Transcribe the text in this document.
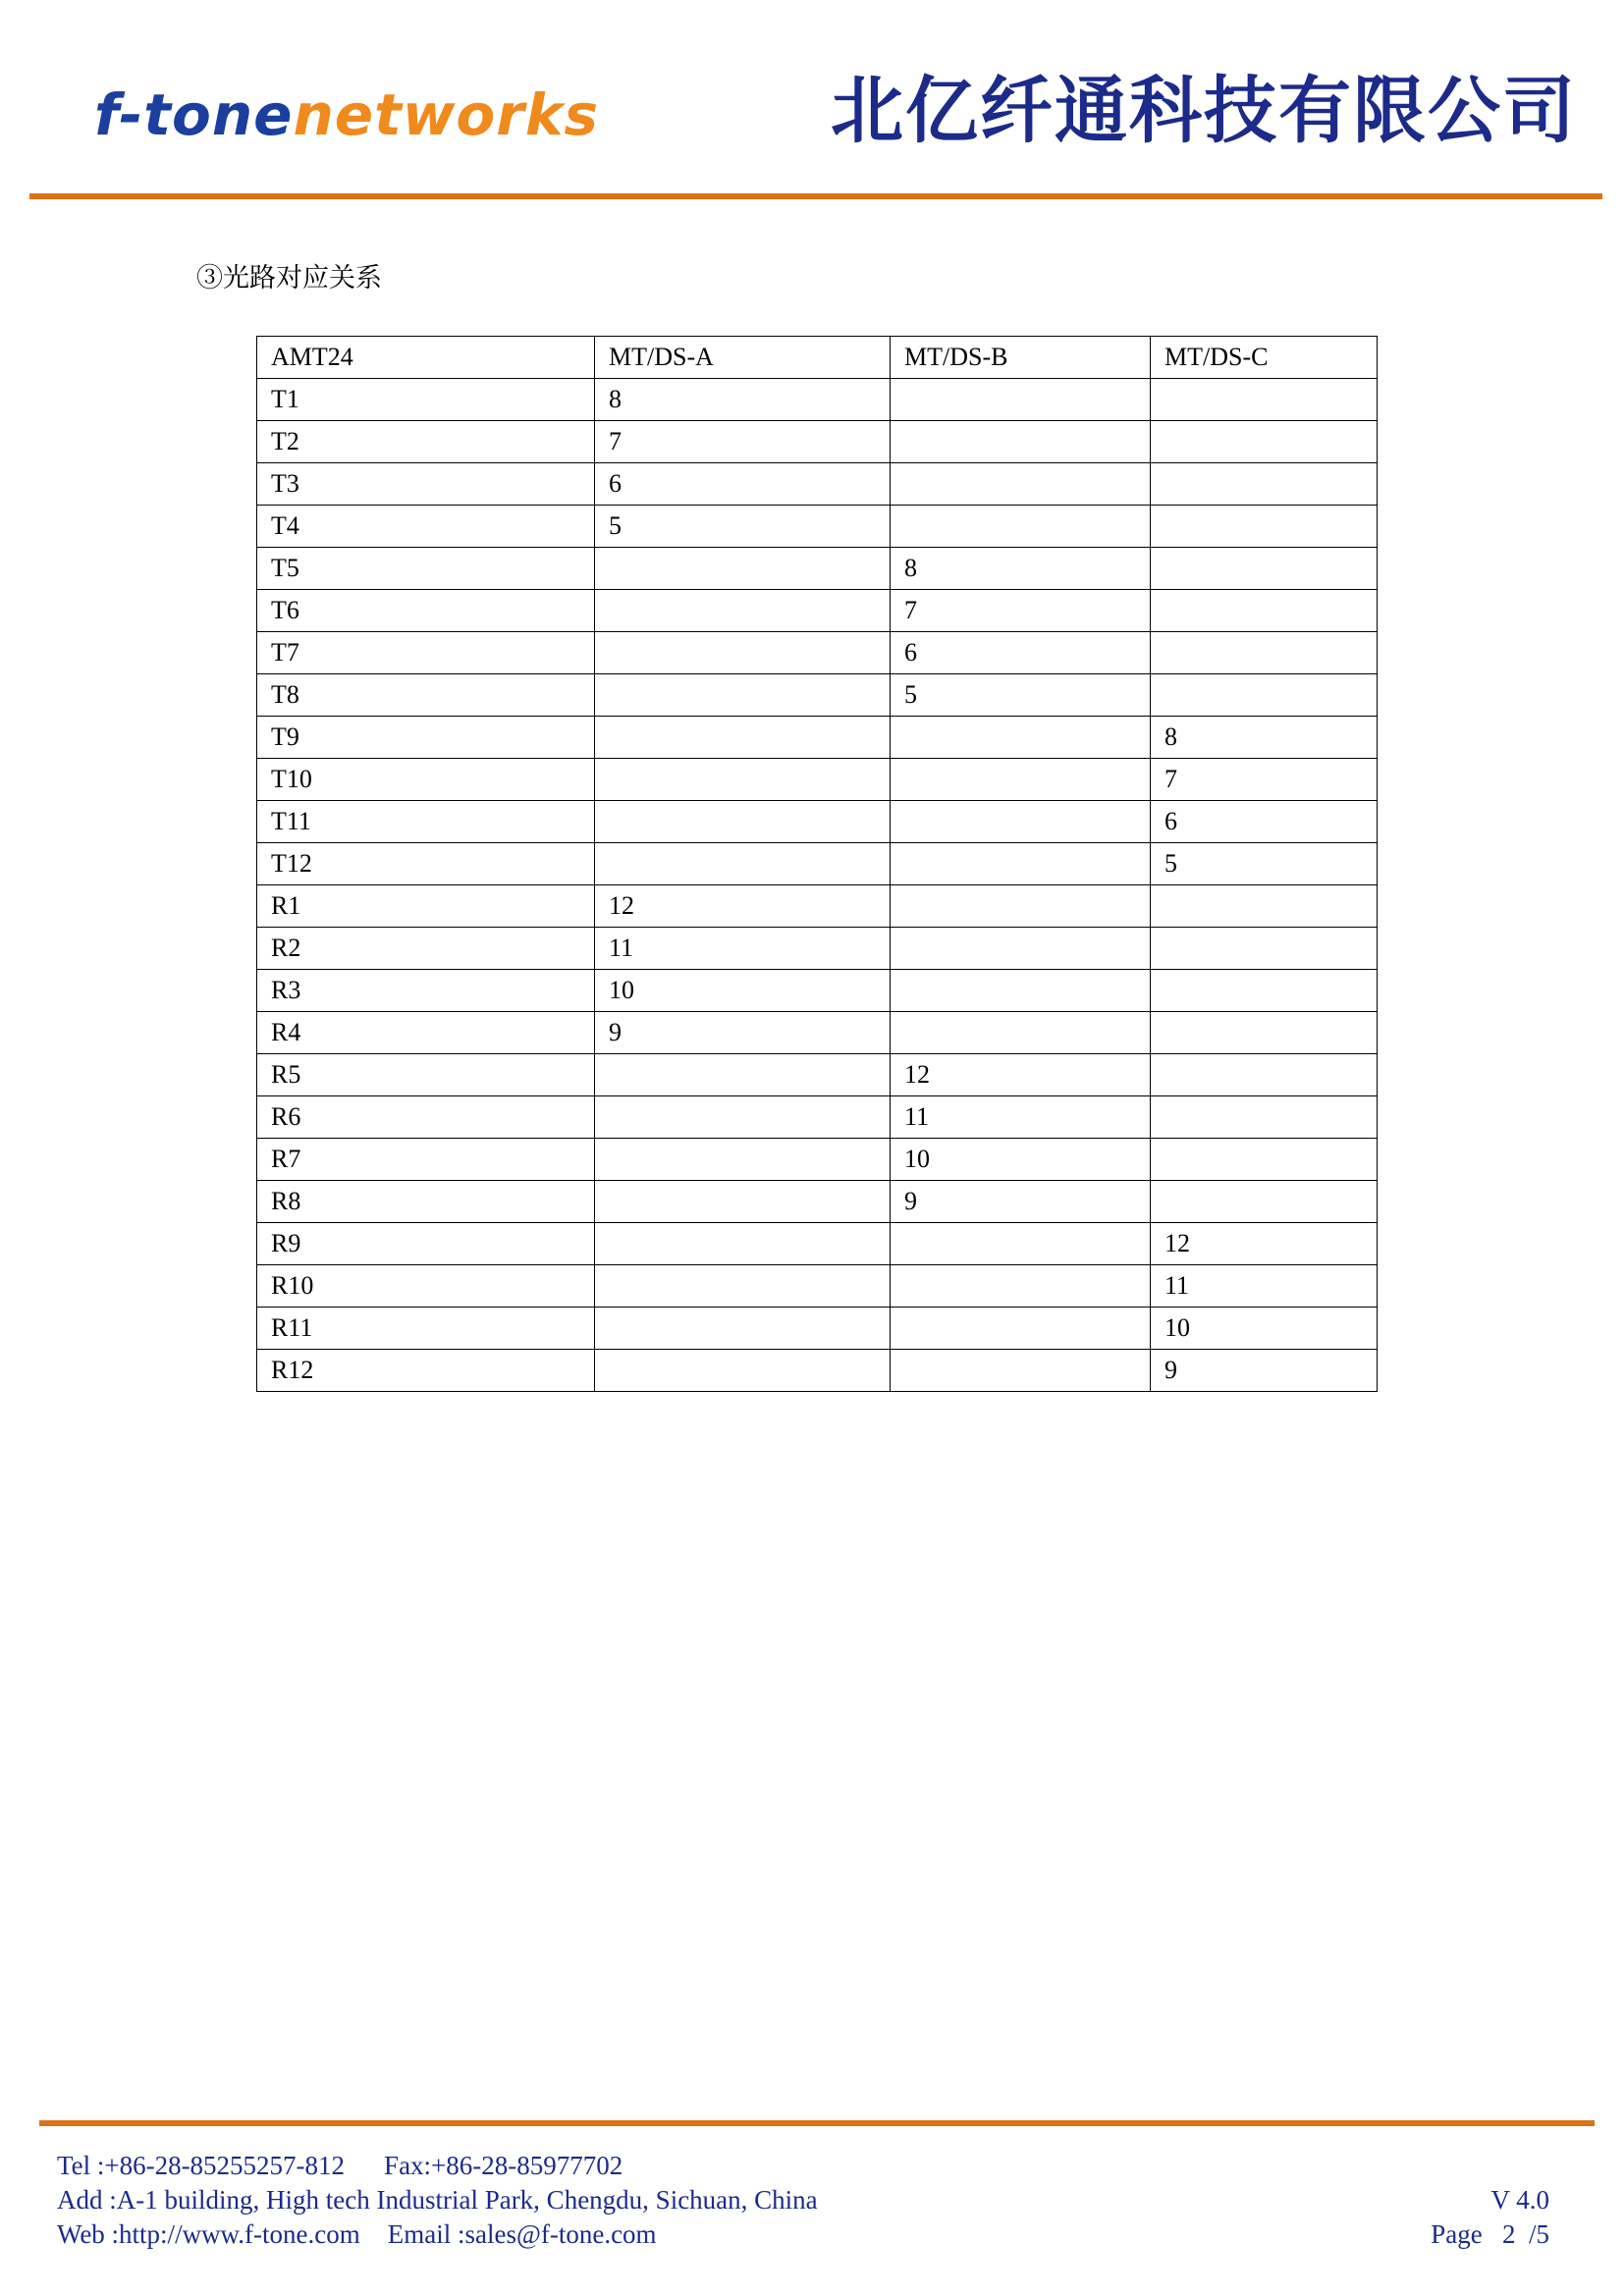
f-tonenetworks	北亿纤通科技有限公司
③光路对应关系
AMT24	MT/DS-A	MT/DS-B	MT/DS-C
T1	8		
T2	7		
T3	6		
T4	5		
T5		8	
T6		7	
T7		6	
T8		5	
T9			8
T10			7
T11			6
T12			5
R1	12		
R2	11		
R3	10		
R4	9		
R5		12	
R6		11	
R7		10	
R8		9	
R9			12
R10			11
R11			10
R12			9
Tel :+86-28-85255257-812 Fax:+86-28-85977702
Add :A-1 building, High tech Industrial Park, Chengdu, Sichuan, China
Web :http://www.f-tone.com Email :sales@f-tone.com
V 4.0
Page   2  /5
